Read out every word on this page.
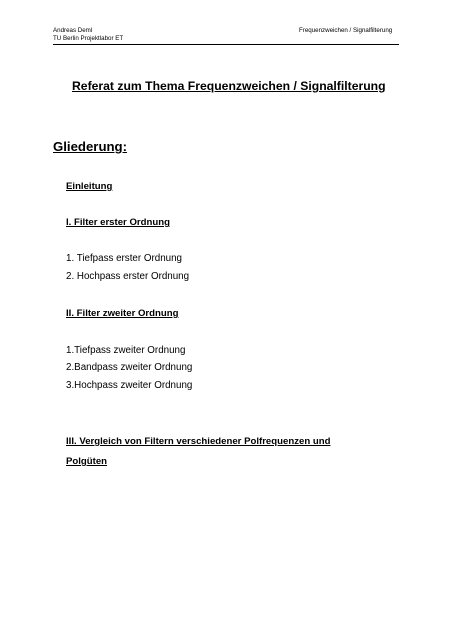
Andreas Deml
TU Berlin Projektlabor ET
Frequenzweichen / Signalfilterung
Referat zum Thema Frequenzweichen / Signalfilterung
Gliederung:
Einleitung
I. Filter erster Ordnung
1. Tiefpass erster Ordnung
2. Hochpass erster Ordnung
II. Filter zweiter Ordnung
1.Tiefpass zweiter Ordnung
2.Bandpass zweiter Ordnung
3.Hochpass zweiter Ordnung
III. Vergleich von Filtern verschiedener Polfrequenzen und
Polgüten
